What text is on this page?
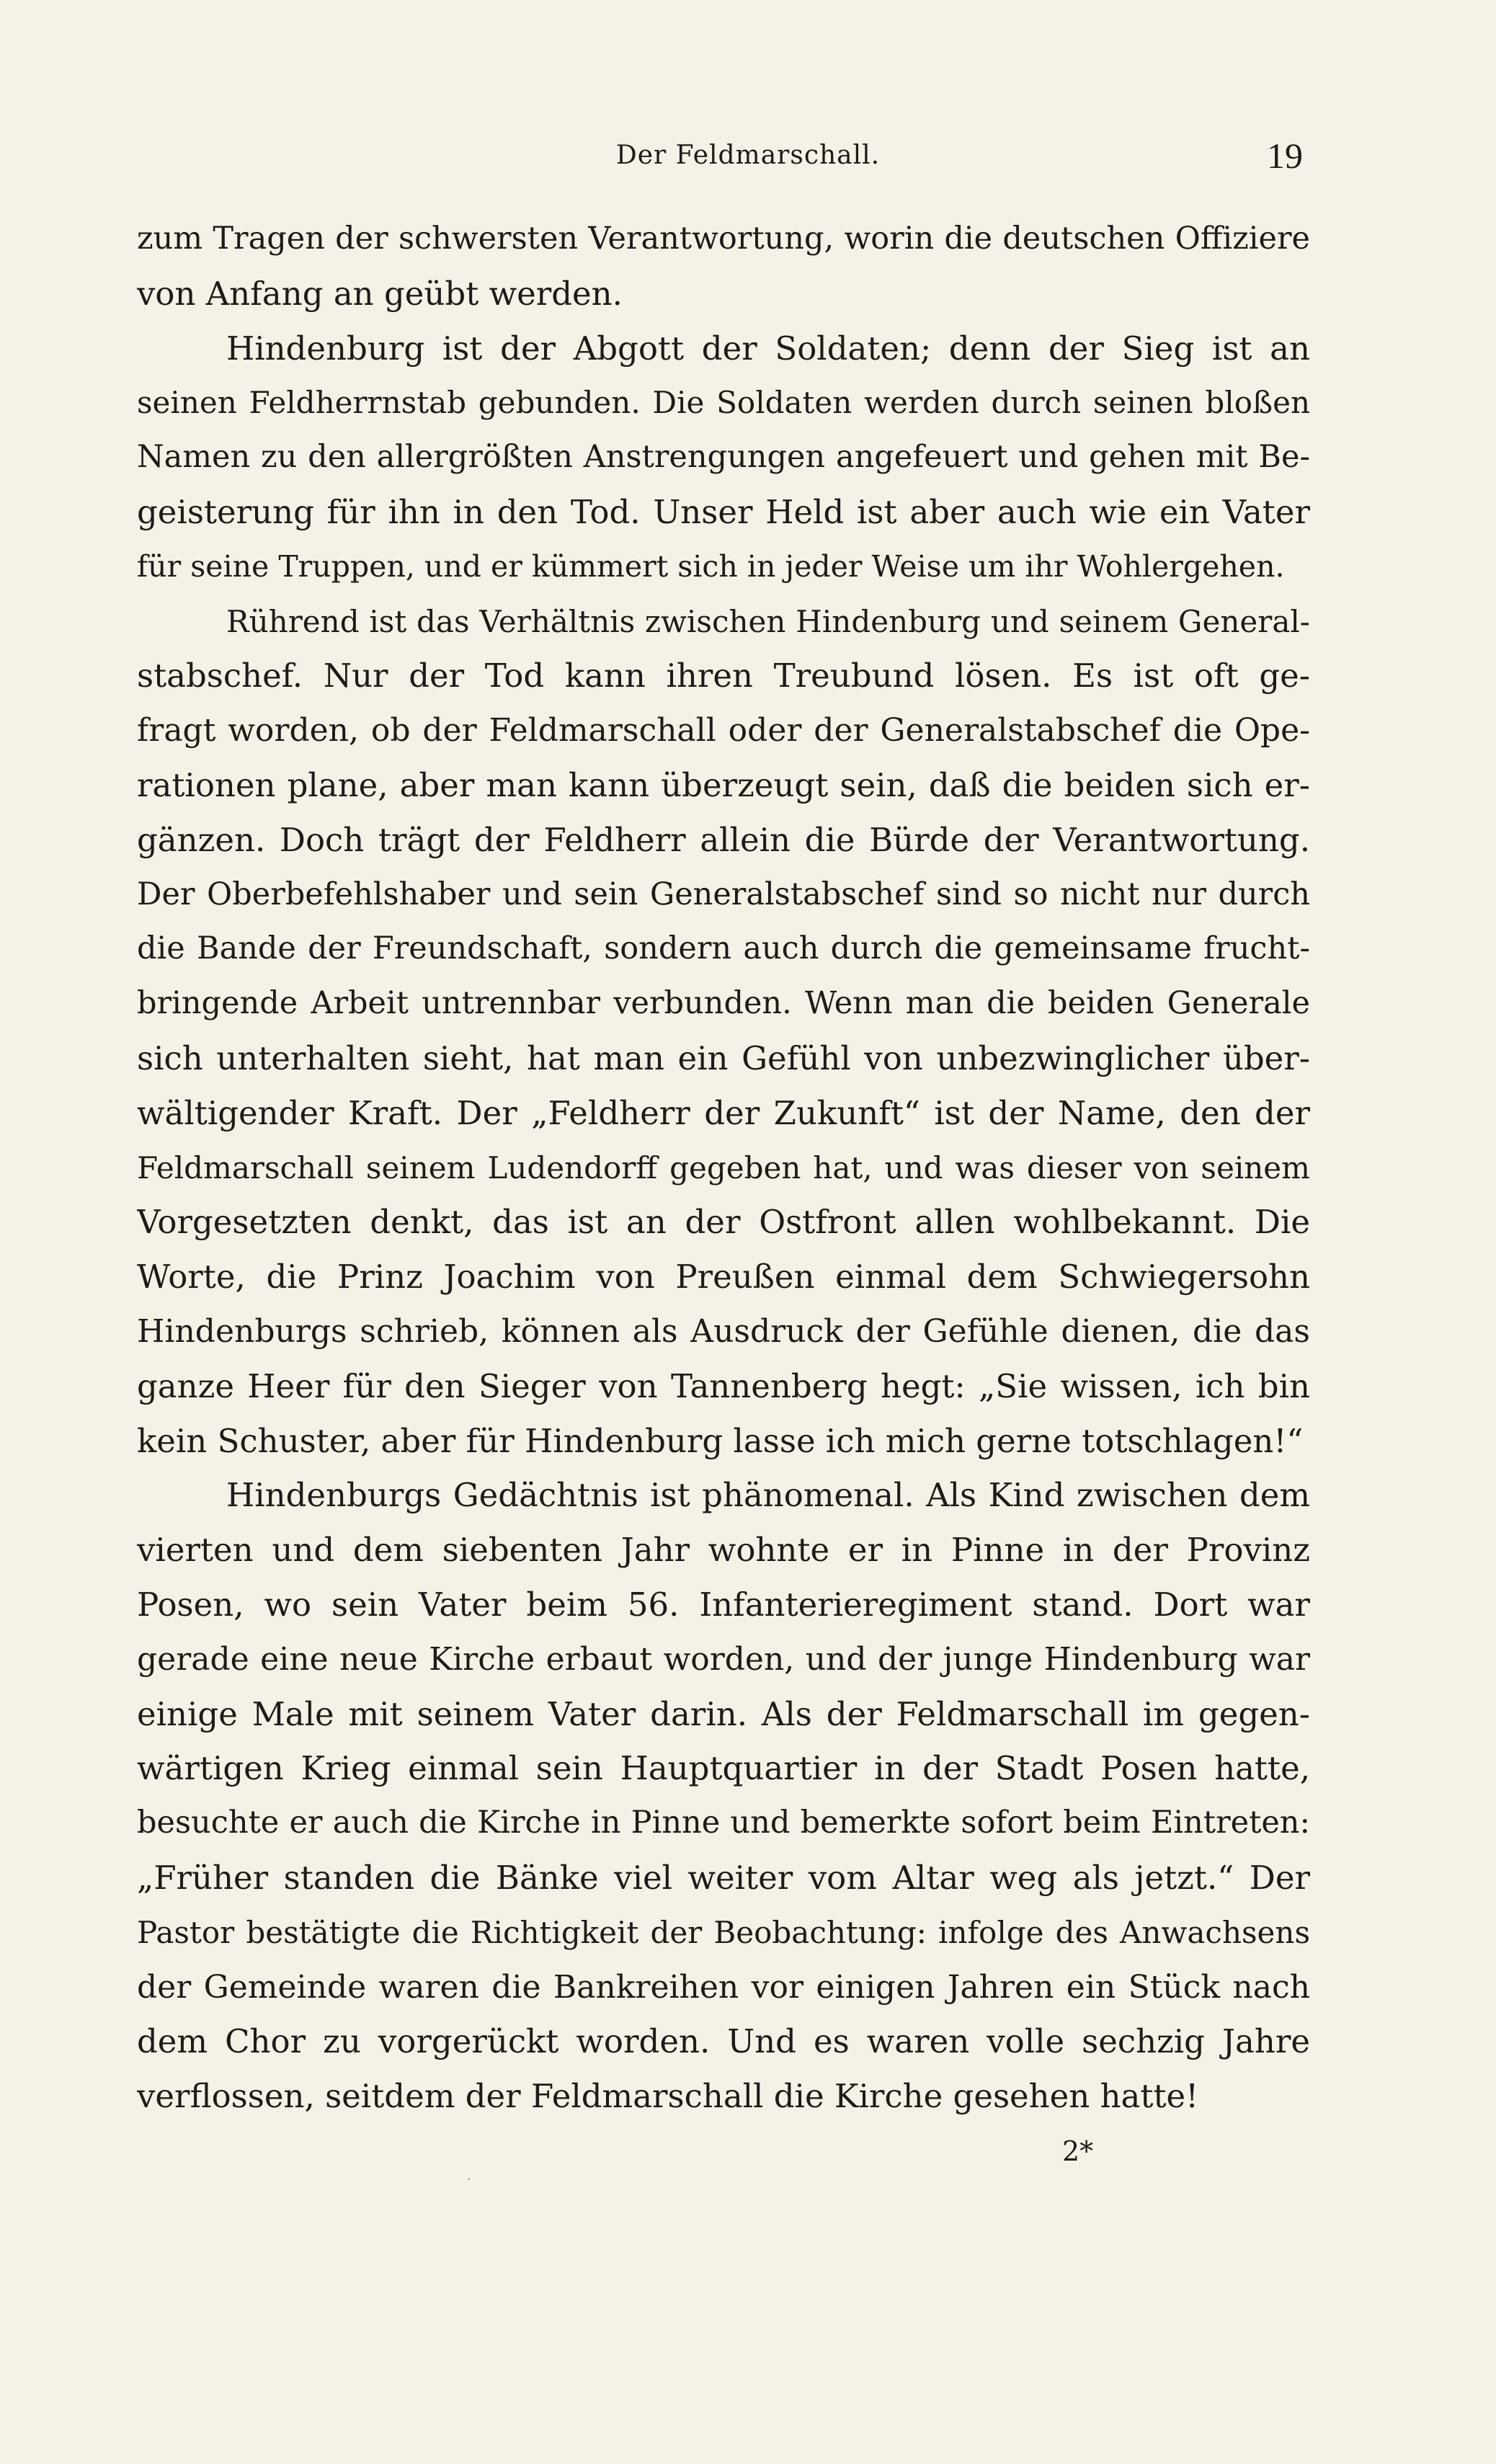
Der Feldmarschall.	19
zum Tragen der schwersten Verantwortung, worin die deutschen Offiziere
von Anfang an geübt werden.
Hindenburg ist der Abgott der Soldaten; denn der Sieg ist an
seinen Feldherrnstab gebunden. Die Soldaten werden durch seinen bloßen
Namen zu den allergrößten Anstrengungen angefeuert und gehen mit Be-
geisterung für ihn in den Tod. Unser Held ist aber auch wie ein Vater
für seine Truppen, und er kümmert sich in jeder Weise um ihr Wohlergehen.
Rührend ist das Verhältnis zwischen Hindenburg und seinem General-
stabschef. Nur der Tod kann ihren Treubund lösen. Es ist oft ge-
fragt worden, ob der Feldmarschall oder der Generalstabschef die Ope-
rationen plane, aber man kann überzeugt sein, daß die beiden sich er-
gänzen. Doch trägt der Feldherr allein die Bürde der Verantwortung.
Der Oberbefehlshaber und sein Generalstabschef sind so nicht nur durch
die Bande der Freundschaft, sondern auch durch die gemeinsame frucht-
bringende Arbeit untrennbar verbunden. Wenn man die beiden Generale
sich unterhalten sieht, hat man ein Gefühl von unbezwinglicher über-
wältigender Kraft. Der „Feldherr der Zukunft“ ist der Name, den der
Feldmarschall seinem Ludendorff gegeben hat, und was dieser von seinem
Vorgesetzten denkt, das ist an der Ostfront allen wohlbekannt. Die
Worte, die Prinz Joachim von Preußen einmal dem Schwiegersohn
Hindenburgs schrieb, können als Ausdruck der Gefühle dienen, die das
ganze Heer für den Sieger von Tannenberg hegt: „Sie wissen, ich bin
kein Schuster, aber für Hindenburg lasse ich mich gerne totschlagen!“
Hindenburgs Gedächtnis ist phänomenal. Als Kind zwischen dem
vierten und dem siebenten Jahr wohnte er in Pinne in der Provinz
Posen, wo sein Vater beim 56. Infanterieregiment stand. Dort war
gerade eine neue Kirche erbaut worden, und der junge Hindenburg war
einige Male mit seinem Vater darin. Als der Feldmarschall im gegen-
wärtigen Krieg einmal sein Hauptquartier in der Stadt Posen hatte,
besuchte er auch die Kirche in Pinne und bemerkte sofort beim Eintreten:
„Früher standen die Bänke viel weiter vom Altar weg als jetzt.“ Der
Pastor bestätigte die Richtigkeit der Beobachtung: infolge des Anwachsens
der Gemeinde waren die Bankreihen vor einigen Jahren ein Stück nach
dem Chor zu vorgerückt worden. Und es waren volle sechzig Jahre
verflossen, seitdem der Feldmarschall die Kirche gesehen hatte!
2*
